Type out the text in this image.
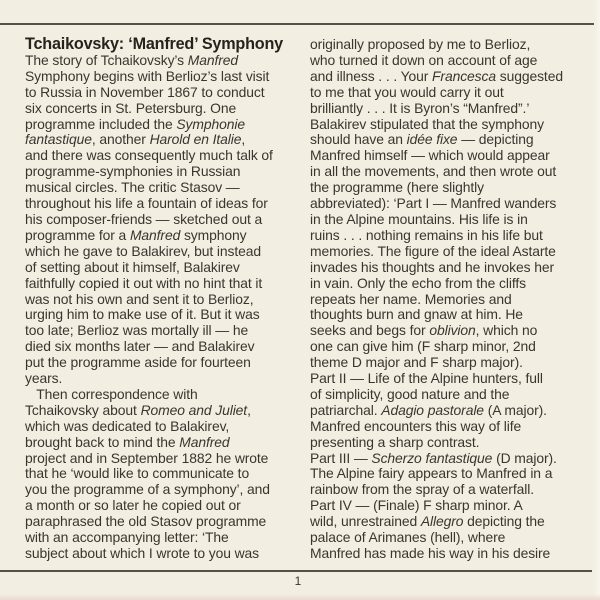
Tchaikovsky: ‘Manfred’ Symphony
The story of Tchaikovsky’s Manfred
Symphony begins with Berlioz’s last visit
to Russia in November 1867 to conduct
six concerts in St. Petersburg. One
programme included the Symphonie
fantastique, another Harold en Italie,
and there was consequently much talk of
programme-symphonies in Russian
musical circles. The critic Stasov —
throughout his life a fountain of ideas for
his composer-friends — sketched out a
programme for a Manfred symphony
which he gave to Balakirev, but instead
of setting about it himself, Balakirev
faithfully copied it out with no hint that it
was not his own and sent it to Berlioz,
urging him to make use of it. But it was
too late; Berlioz was mortally ill — he
died six months later — and Balakirev
put the programme aside for fourteen
years.
Then correspondence with
Tchaikovsky about Romeo and Juliet,
which was dedicated to Balakirev,
brought back to mind the Manfred
project and in September 1882 he wrote
that he ‘would like to communicate to
you the programme of a symphony’, and
a month or so later he copied out or
paraphrased the old Stasov programme
with an accompanying letter: ‘The
subject about which I wrote to you was
originally proposed by me to Berlioz,
who turned it down on account of age
and illness . . . Your Francesca suggested
to me that you would carry it out
brilliantly . . . It is Byron’s “Manfred”.’
Balakirev stipulated that the symphony
should have an idée fixe — depicting
Manfred himself — which would appear
in all the movements, and then wrote out
the programme (here slightly
abbreviated): ‘Part I — Manfred wanders
in the Alpine mountains. His life is in
ruins . . . nothing remains in his life but
memories. The figure of the ideal Astarte
invades his thoughts and he invokes her
in vain. Only the echo from the cliffs
repeats her name. Memories and
thoughts burn and gnaw at him. He
seeks and begs for oblivion, which no
one can give him (F sharp minor, 2nd
theme D major and F sharp major).
Part II — Life of the Alpine hunters, full
of simplicity, good nature and the
patriarchal. Adagio pastorale (A major).
Manfred encounters this way of life
presenting a sharp contrast.
Part III — Scherzo fantastique (D major).
The Alpine fairy appears to Manfred in a
rainbow from the spray of a waterfall.
Part IV — (Finale) F sharp minor. A
wild, unrestrained Allegro depicting the
palace of Arimanes (hell), where
Manfred has made his way in his desire
1
